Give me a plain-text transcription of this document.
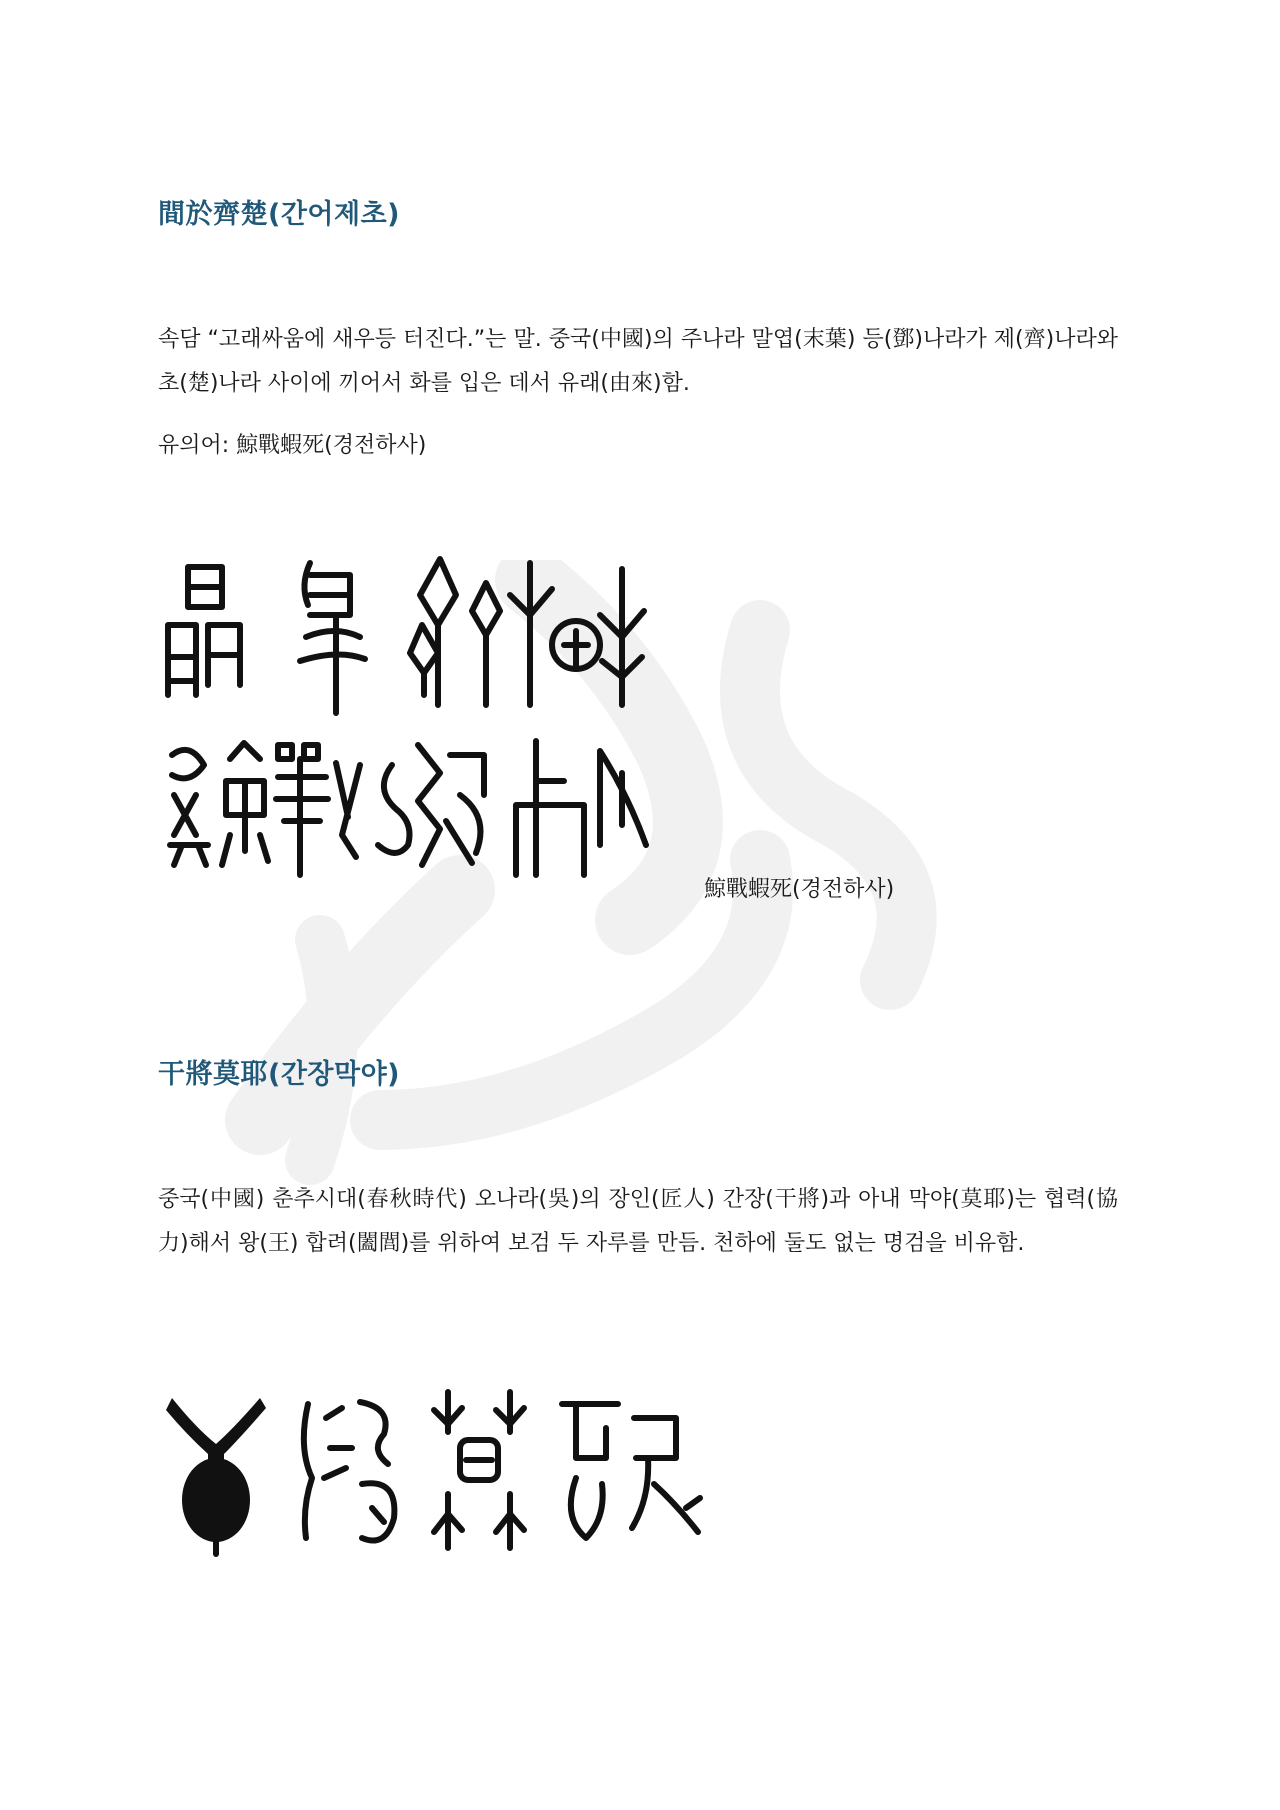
間於齊楚(간어제초)

속담 “고래싸움에 새우등 터진다.”는 말. 중국(中國)의 주나라 말엽(末葉) 등(鄧)나라가 제(齊)나라와 초(楚)나라 사이에 끼어서 화를 입은 데서 유래(由來)함.

유의어: 鯨戰蝦死(경전하사)

鯨戰蝦死(경전하사)
干將莫耶(간장막야)

중국(中國) 춘추시대(春秋時代) 오나라(吳)의 장인(匠人) 간장(干將)과 아내 막야(莫耶)는 협력(協力)해서 왕(王) 합려(闔閭)를 위하여 보검 두 자루를 만듬. 천하에 둘도 없는 명검을 비유함.
